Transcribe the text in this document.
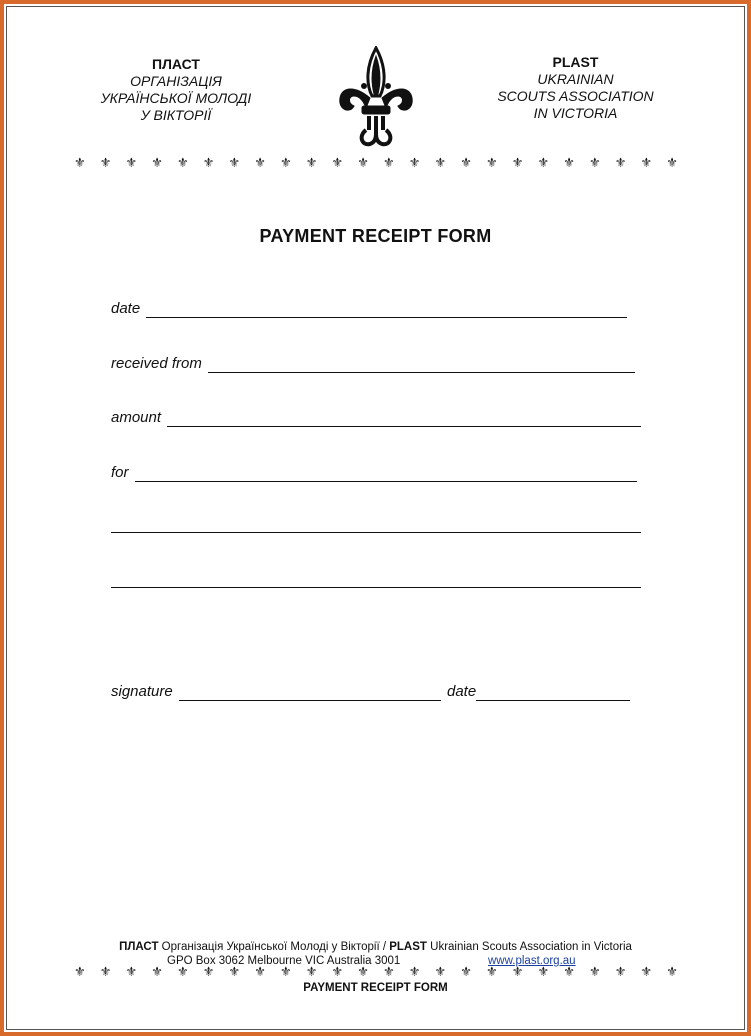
ПЛАСТ
ОРГАНІЗАЦІЯ
УКРАЇНСЬКОЇ МОЛОДІ
У ВІКТОРІЇ
PLAST
UKRAINIAN
SCOUTS ASSOCIATION
IN VICTORIA
⚜ ⚜ ⚜ ⚜ ⚜ ⚜ ⚜ ⚜ ⚜ ⚜ ⚜ ⚜ ⚜ ⚜ ⚜ ⚜ ⚜ ⚜ ⚜ ⚜ ⚜ ⚜ ⚜ ⚜
PAYMENT RECEIPT FORM
date
received from
amount
for
signature	date
ПЛАСТ Організація Української Молоді у Вікторії / PLAST Ukrainian Scouts Association in Victoria
GPO Box 3062 Melbourne VIC Australia 3001	www.plast.org.au
⚜ ⚜ ⚜ ⚜ ⚜ ⚜ ⚜ ⚜ ⚜ ⚜ ⚜ ⚜ ⚜ ⚜ ⚜ ⚜ ⚜ ⚜ ⚜ ⚜ ⚜ ⚜ ⚜ ⚜
PAYMENT RECEIPT FORM
